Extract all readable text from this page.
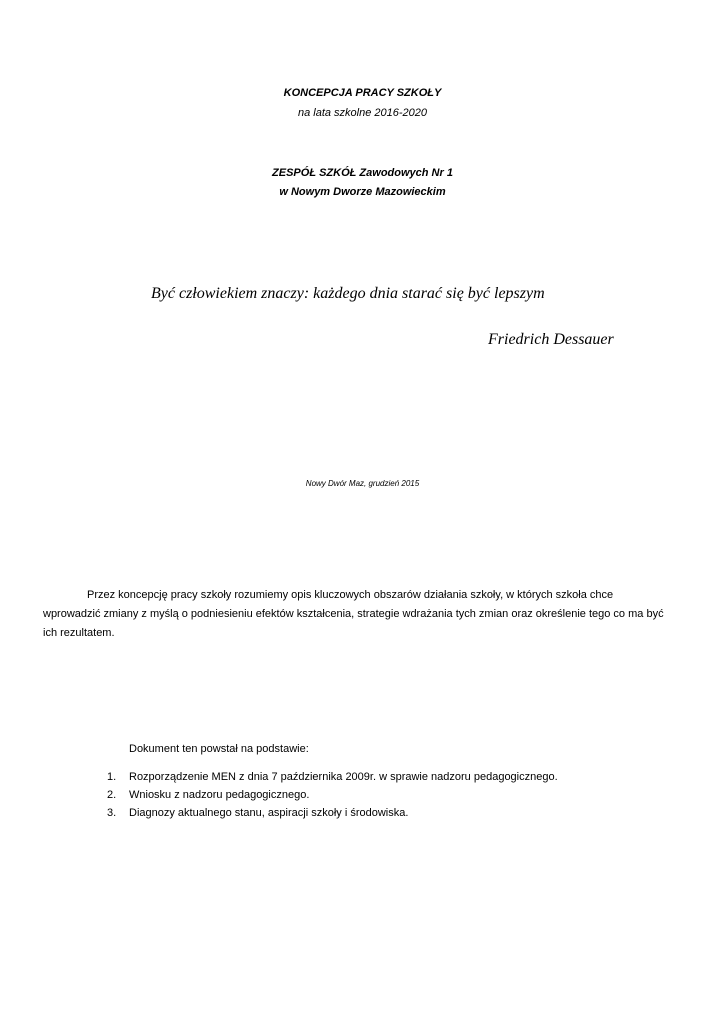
KONCEPCJA PRACY SZKOŁY
na lata szkolne 2016-2020
ZESPÓŁ SZKÓŁ Zawodowych Nr 1
w Nowym Dworze Mazowieckim
Być człowiekiem znaczy: każdego dnia starać się być lepszym
Friedrich Dessauer
Nowy Dwór Maz, grudzień 2015
Przez koncepcję pracy szkoły rozumiemy opis kluczowych obszarów działania szkoły, w których szkoła chce
wprowadzić zmiany z myślą o podniesieniu efektów kształcenia, strategie wdrażania tych zmian oraz określenie tego co ma być
ich rezultatem.
Dokument ten powstał na podstawie:
1.	Rozporządzenie MEN z dnia 7 października 2009r. w sprawie nadzoru pedagogicznego.
2.	Wniosku z nadzoru pedagogicznego.
3.	Diagnozy aktualnego stanu, aspiracji szkoły i środowiska.
